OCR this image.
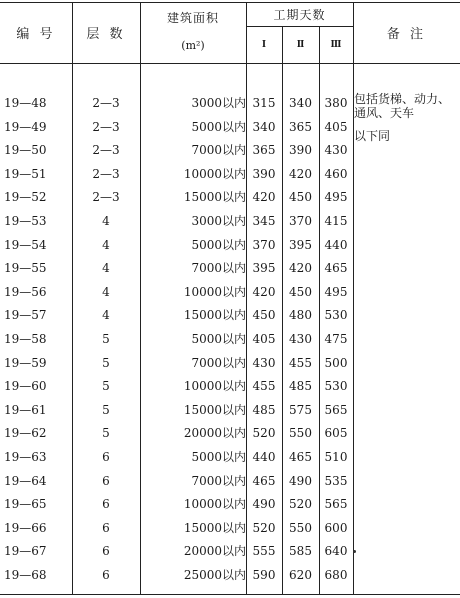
编 号	层 数
建筑面积
(m²)
工期天数
Ⅰ	Ⅱ	Ⅲ
备 注
19—48	2—3	3000以内 315	340	380
19—49	2—3	5000以内 340	365	405
19—50	2—3	7000以内 365	390	430
19—51	2—3	10000以内 390	420	460
19—52	2—3	15000以内 420	450	495
19—53	4	3000以内 345	370	415
19—54	4	5000以内 370	395	440
19—55	4	7000以内 395	420	465
19—56	4	10000以内 420	450	495
19—57	4	15000以内 450	480	530
19—58	5	5000以内 405	430	475
19—59	5	7000以内 430	455	500
19—60	5	10000以内 455	485	530
19—61	5	15000以内 485	575	565
19—62	5	20000以内 520	550	605
19—63	6	5000以内 440	465	510
19—64	6	7000以内 465	490	535
19—65	6	10000以内 490	520	565
19—66	6	15000以内 520	550	600
19—67	6	20000以内 555	585	640
19—68	6	25000以内 590	620	680
包括货梯、动力、
通风、天车
以下同
